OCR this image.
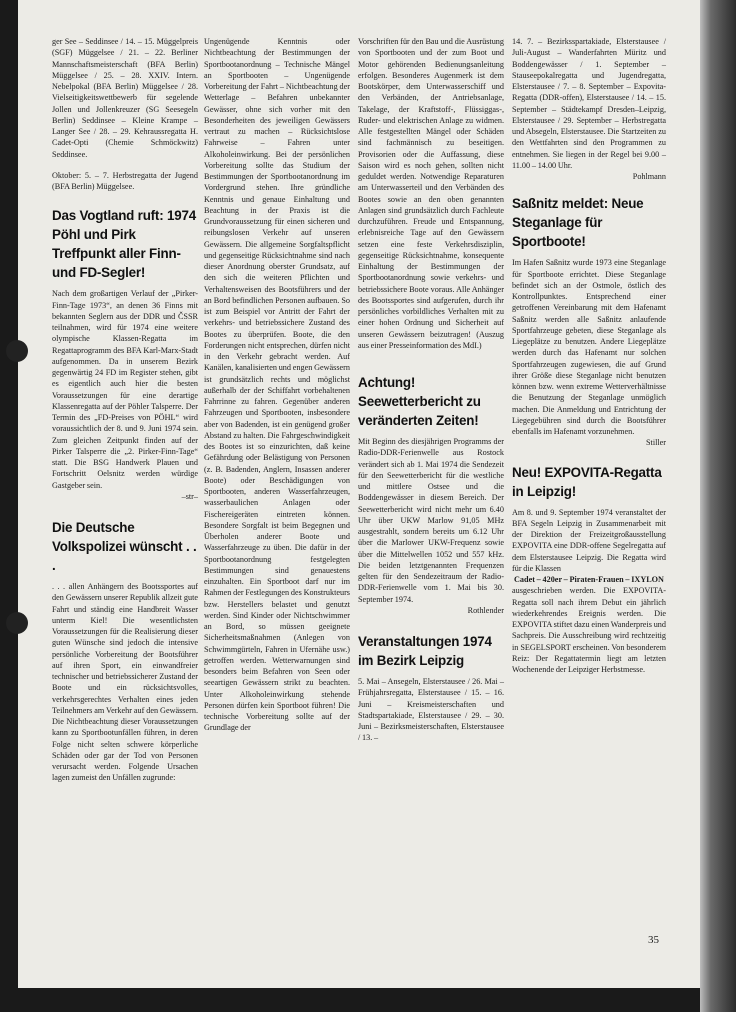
ger See – Seddinsee / 14. – 15. Müggelpreis (SGF) Müggelsee / 21. – 22. Berliner Mannschaftsmeisterschaft (BFA Berlin) Müggelsee / 25. – 28. XXIV. Intern. Nebelpokal (BFA Berlin) Müggelsee / 28. Vielseitigkeitswettbewerb für segelende Jollen und Jollenkreuzer (SG Seesegeln Berlin) Seddinsee – Kleine Krampe – Langer See / 28. – 29. Kehraussregatta H. Cadet-Opti (Chemie Schmöckwitz) Seddinsee.

Oktober: 5. – 7. Herbstregatta der Jugend (BFA Berlin) Müggelsee.

Das Vogtland ruft: 1974 Pöhl und Pirk Treffpunkt aller Finn- und FD-Segler!

Nach dem großartigen Verlauf der „Pirker-Finn-Tage 1973“, an denen 36 Finns mit bekannten Seglern aus der DDR und ČSSR teilnahmen, wird für 1974 eine weitere olympische Klassen-Regatta im Regattaprogramm des BFA Karl-Marx-Stadt aufgenommen. Da in unserem Bezirk gegenwärtig 24 FD im Register stehen, gibt es eigentlich auch hier die besten Voraussetzungen für eine derartige Klassenregatta auf der Pöhler Talsperre. Der Termin des „FD-Preises von PÖHL“ wird voraussichtlich der 8. und 9. Juni 1974 sein. Zum gleichen Zeitpunkt finden auf der Pirker Talsperre die „2. Pirker-Finn-Tage“ statt. Die BSG Handwerk Plauen und Fortschritt Oelsnitz werden würdige Gastgeber sein.

–str–

Die Deutsche Volkspolizei wünscht . . .

. . . allen Anhängern des Bootssportes auf den Gewässern unserer Republik allzeit gute Fahrt und ständig eine Handbreit Wasser unterm Kiel! Die wesentlichsten Voraussetzungen für die Realisierung dieser guten Wünsche sind jedoch die intensive persönliche Vorbereitung der Bootsführer auf ihren Sport, ein einwandfreier technischer und betriebssicherer Zustand der Boote und ein rücksichtsvolles, verkehrsgerechtes Verhalten eines jeden Teilnehmers am Verkehr auf den Gewässern. Die Nichtbeachtung dieser Voraussetzungen kann zu Sportbootunfällen führen, in deren Folge nicht selten schwere körperliche Schäden oder gar der Tod von Personen verursacht werden. Folgende Ursachen lagen zumeist den Unfällen zugrunde:

Ungenügende Kenntnis oder Nichtbeachtung der Bestimmungen der Sportbootanordnung – Technische Mängel an Sportbooten – Ungenügende Vorbereitung der Fahrt – Nichtbeachtung der Wetterlage – Befahren unbekannter Gewässer, ohne sich vorher mit den Besonderheiten des jeweiligen Gewässers vertraut zu machen – Rücksichtslose Fahrweise – Fahren unter Alkoholeinwirkung. Bei der persönlichen Vorbereitung sollte das Studium der Bestimmungen der Sportbootanordnung im Vordergrund stehen. Ihre gründliche Kenntnis und genaue Einhaltung und Beachtung in der Praxis ist die Grundvoraussetzung für einen sicheren und reibungslosen Verkehr auf unseren Gewässern. Die allgemeine Sorgfaltspflicht und gegenseitige Rücksichtnahme sind nach dieser Anordnung oberster Grundsatz, auf den sich die weiteren Pflichten und Verhaltensweisen des Bootsführers und der an Bord befindlichen Personen aufbauen. So ist zum Beispiel vor Antritt der Fahrt der verkehrs- und betriebssichere Zustand des Bootes zu überprüfen. Boote, die den Forderungen nicht entsprechen, dürfen nicht in den Verkehr gebracht werden. Auf Kanälen, kanalisierten und engen Gewässern ist grundsätzlich rechts und möglichst außerhalb der der Schiffahrt vorbehaltenen Fahrrinne zu fahren. Gegenüber anderen Fahrzeugen und Sportbooten, insbesondere aber von Badenden, ist ein genügend großer Abstand zu halten. Die Fahrgeschwindigkeit des Bootes ist so einzurichten, daß keine Gefährdung oder Belästigung von Personen (z. B. Badenden, Anglern, Insassen anderer Boote) oder Beschädigungen von Sportbooten, anderen Wasserfahrzeugen, wasserbaulichen Anlagen oder Fischereigeräten eintreten können. Besondere Sorgfalt ist beim Begegnen und Überholen anderer Boote und Wasserfahrzeuge zu üben. Die dafür in der Sportbootanordnung festgelegten Bestimmungen sind genauestens einzuhalten. Ein Sportboot darf nur im Rahmen der Festlegungen des Konstrukteurs bzw. Herstellers belastet und genutzt werden. Sind Kinder oder Nichtschwimmer an Bord, so müssen geeignete Sicherheitsmaßnahmen (Anlegen von Schwimmgürteln, Fahren in Ufernähe usw.) getroffen werden. Wetterwarnungen sind besonders beim Befahren von Seen oder seeartigen Gewässern strikt zu beachten. Unter Alkoholeinwirkung stehende Personen dürfen kein Sportboot führen! Die technische Vorbereitung sollte auf der Grundlage der

Vorschriften für den Bau und die Ausrüstung von Sportbooten und der zum Boot und Motor gehörenden Bedienungsanleitung erfolgen. Besonderes Augenmerk ist dem Bootskörper, dem Unterwasserschiff und den Verbänden, der Antriebsanlage, Takelage, der Kraftstoff-, Flüssiggas-, Ruder- und elektrischen Anlage zu widmen. Alle festgestellten Mängel oder Schäden sind fachmännisch zu beseitigen. Provisorien oder die Auffassung, diese Saison wird es noch gehen, sollten nicht geduldet werden. Notwendige Reparaturen am Unterwasserteil und den Verbänden des Bootes sowie an den oben genannten Anlagen sind grundsätzlich durch Fachleute durchzuführen. Freude und Entspannung, erlebnisreiche Tage auf den Gewässern setzen eine feste Verkehrsdisziplin, gegenseitige Rücksichtnahme, konsequente Einhaltung der Bestimmungen der Sportbootanordnung sowie verkehrs- und betriebssichere Boote voraus. Alle Anhänger des Bootssportes sind aufgerufen, durch ihr persönliches vorbildliches Verhalten mit zu einer hohen Ordnung und Sicherheit auf unseren Gewässern beizutragen! (Auszug aus einer Presseinformation des MdI.)

Achtung! Seewetterbericht zu veränderten Zeiten!

Mit Beginn des diesjährigen Programms der Radio-DDR-Ferienwelle aus Rostock verändert sich ab 1. Mai 1974 die Sendezeit für den Seewetterbericht für die westliche und mittlere Ostsee und die Boddengewässer in diesem Bereich. Der Seewetterbericht wird nicht mehr um 6.40 Uhr über UKW Marlow 91,05 MHz ausgestrahlt, sondern bereits um 6.12 Uhr über die Marlower UKW-Frequenz sowie über die Mittelwellen 1052 und 557 kHz. Die beiden letztgenannten Frequenzen gelten für den Sendezeitraum der Radio-DDR-Ferienwelle vom 1. Mai bis 30. September 1974.

Rothlender

Veranstaltungen 1974 im Bezirk Leipzig

5. Mai – Ansegeln, Elsterstausee / 26. Mai – Frühjahrsregatta, Elsterstausee / 15. – 16. Juni – Kreismeisterschaften und Stadtspartakiade, Elsterstausee / 29. – 30. Juni – Bezirksmeisterschaften, Elsterstausee / 13. –

14. 7. – Bezirksspartakiade, Elsterstausee / Juli-August – Wanderfahrten Müritz und Boddengewässer / 1. September – Stauseepokalregatta und Jugendregatta, Elsterstausee / 7. – 8. September – Expovita-Regatta (DDR-offen), Elsterstausee / 14. – 15. September – Städtekampf Dresden–Leipzig, Elsterstausee / 29. September – Herbstregatta und Absegeln, Elsterstausee. Die Startzeiten zu den Wettfahrten sind den Programmen zu entnehmen. Sie liegen in der Regel bei 9.00 – 11.00 – 14.00 Uhr.

Pohlmann

Saßnitz meldet: Neue Steganlage für Sportboote!

Im Hafen Saßnitz wurde 1973 eine Steganlage für Sportboote errichtet. Diese Steganlage befindet sich an der Ostmole, östlich des Kontrollpunktes. Entsprechend einer getroffenen Vereinbarung mit dem Hafenamt Saßnitz werden alle Saßnitz anlaufende Sportfahrzeuge gebeten, diese Steganlage als Liegeplätze zu benutzen. Andere Liegeplätze werden durch das Hafenamt nur solchen Sportfahrzeugen zugewiesen, die auf Grund ihrer Größe diese Steganlage nicht benutzen können bzw. wenn extreme Wetterverhältnisse die Benutzung der Steganlage unmöglich machen. Die Anmeldung und Entrichtung der Liegegebühren sind durch die Bootsführer ebenfalls im Hafenamt vorzunehmen.

Stiller

Neu! EXPOVITA-Regatta in Leipzig!

Am 8. und 9. September 1974 veranstaltet der BFA Segeln Leipzig in Zusammenarbeit mit der Direktion der Freizeitgroßausstellung EXPOVITA eine DDR-offene Segelregatta auf dem Elsterstausee Leipzig. Die Regatta wird für die Klassen

Cadet – 420er – Piraten-Frauen – IXYLON

ausgeschrieben werden. Die EXPOVITA-Regatta soll nach ihrem Debut ein jährlich wiederkehrendes Ereignis werden. Die EXPOVITA stiftet dazu einen Wanderpreis und Sachpreis. Die Ausschreibung wird rechtzeitig in SEGELSPORT erscheinen. Von besonderem Reiz: Der Regattatermin liegt am letzten Wochenende der Leipziger Herbstmesse.

35
